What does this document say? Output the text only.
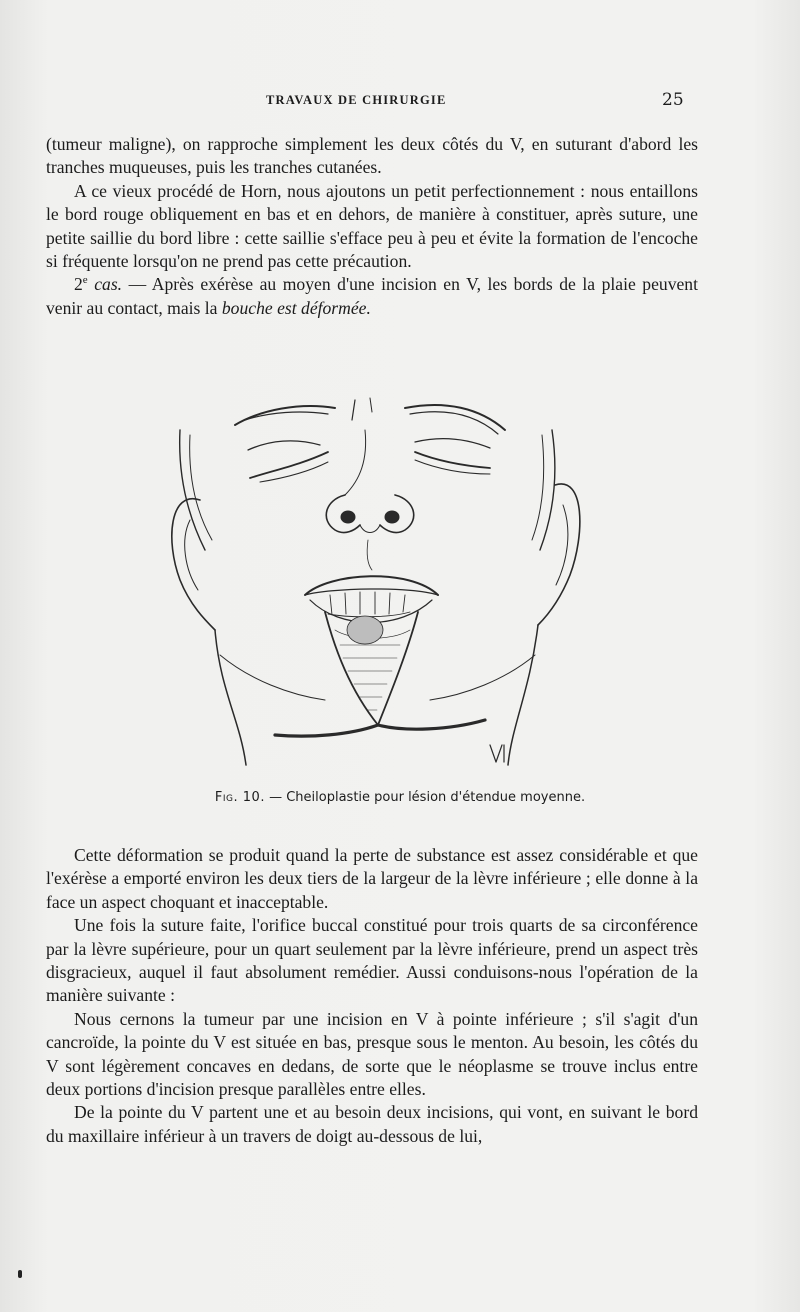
TRAVAUX DE CHIRURGIE	25

(tumeur maligne), on rapproche simplement les deux côtés du V, en suturant d'abord les tranches muqueuses, puis les tranches cutanées.

A ce vieux procédé de Horn, nous ajoutons un petit perfectionnement : nous entaillons le bord rouge obliquement en bas et en dehors, de manière à constituer, après suture, une petite saillie du bord libre : cette saillie s'efface peu à peu et évite la formation de l'encoche si fréquente lorsqu'on ne prend pas cette précaution.

2e cas. — Après exérèse au moyen d'une incision en V, les bords de la plaie peuvent venir au contact, mais la bouche est déformée.

Fig. 10. — Cheiloplastie pour lésion d'étendue moyenne.

Cette déformation se produit quand la perte de substance est assez considérable et que l'exérèse a emporté environ les deux tiers de la largeur de la lèvre inférieure ; elle donne à la face un aspect choquant et inacceptable.

Une fois la suture faite, l'orifice buccal constitué pour trois quarts de sa circonférence par la lèvre supérieure, pour un quart seulement par la lèvre inférieure, prend un aspect très disgracieux, auquel il faut absolument remédier. Aussi conduisons-nous l'opération de la manière suivante :

Nous cernons la tumeur par une incision en V à pointe inférieure ; s'il s'agit d'un cancroïde, la pointe du V est située en bas, presque sous le menton. Au besoin, les côtés du V sont légèrement concaves en dedans, de sorte que le néoplasme se trouve inclus entre deux portions d'incision presque parallèles entre elles.

De la pointe du V partent une et au besoin deux incisions, qui vont, en suivant le bord du maxillaire inférieur à un travers de doigt au-dessous de lui,
